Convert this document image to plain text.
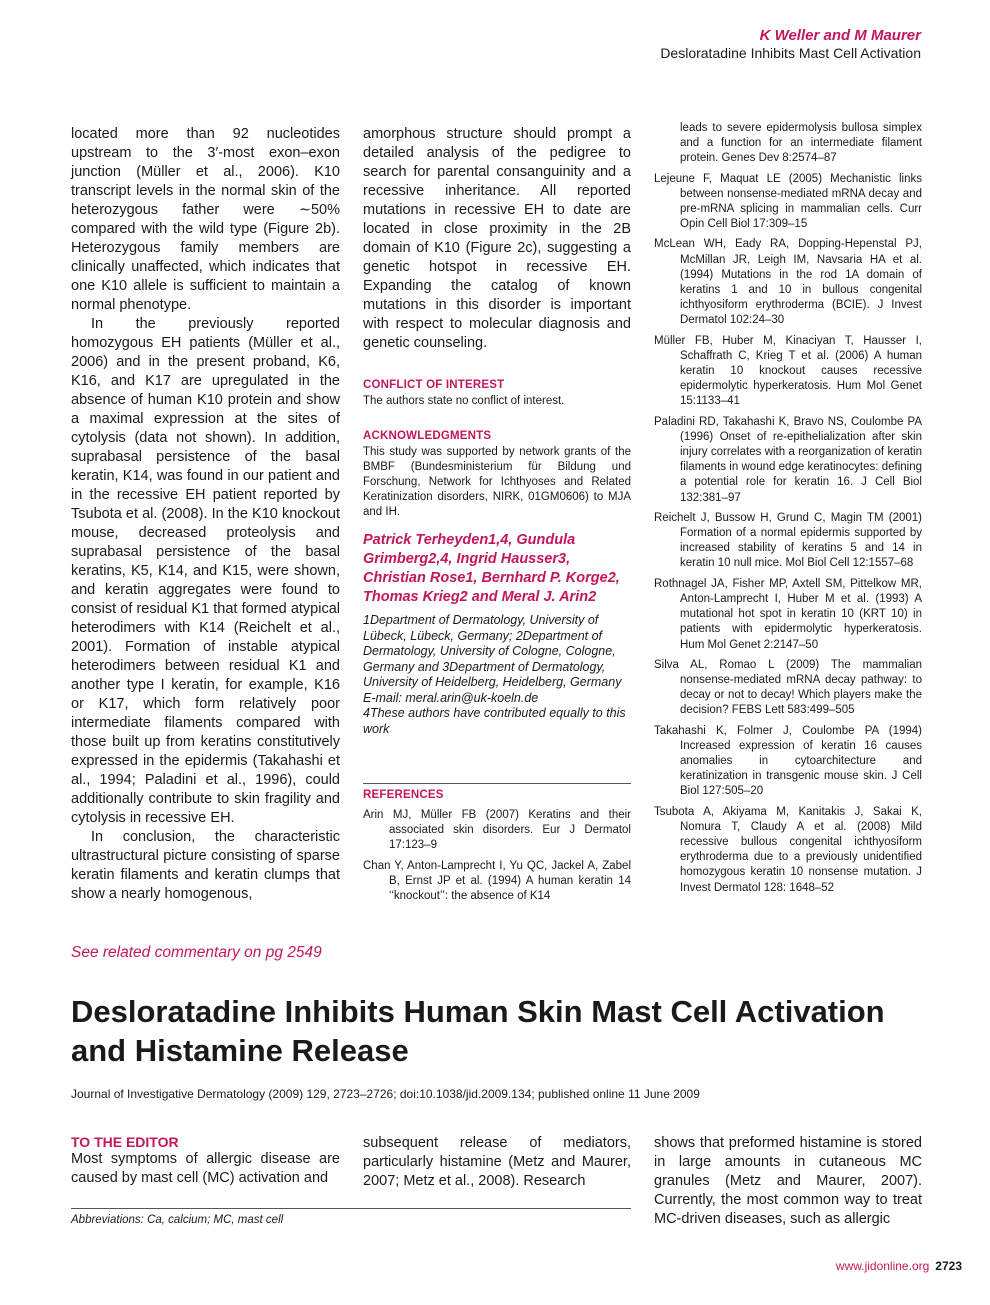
K Weller and M Maurer
Desloratadine Inhibits Mast Cell Activation

located more than 92 nucleotides upstream to the 3′-most exon–exon junction (Müller et al., 2006). K10 transcript levels in the normal skin of the heterozygous father were ∼50% compared with the wild type (Figure 2b). Heterozygous family members are clinically unaffected, which indicates that one K10 allele is sufficient to maintain a normal phenotype.

In the previously reported homozygous EH patients (Müller et al., 2006) and in the present proband, K6, K16, and K17 are upregulated in the absence of human K10 protein and show a maximal expression at the sites of cytolysis (data not shown). In addition, suprabasal persistence of the basal keratin, K14, was found in our patient and in the recessive EH patient reported by Tsubota et al. (2008). In the K10 knockout mouse, decreased proteolysis and suprabasal persistence of the basal keratins, K5, K14, and K15, were shown, and keratin aggregates were found to consist of residual K1 that formed atypical heterodimers with K14 (Reichelt et al., 2001). Formation of instable atypical heterodimers between residual K1 and another type I keratin, for example, K16 or K17, which form relatively poor intermediate filaments compared with those built up from keratins constitutively expressed in the epidermis (Takahashi et al., 1994; Paladini et al., 1996), could additionally contribute to skin fragility and cytolysis in recessive EH.

In conclusion, the characteristic ultrastructural picture consisting of sparse keratin filaments and keratin clumps that show a nearly homogenous,

amorphous structure should prompt a detailed analysis of the pedigree to search for parental consanguinity and a recessive inheritance. All reported mutations in recessive EH to date are located in close proximity in the 2B domain of K10 (Figure 2c), suggesting a genetic hotspot in recessive EH. Expanding the catalog of known mutations in this disorder is important with respect to molecular diagnosis and genetic counseling.

CONFLICT OF INTEREST

The authors state no conflict of interest.

ACKNOWLEDGMENTS

This study was supported by network grants of the BMBF (Bundesministerium für Bildung und Forschung, Network for Ichthyoses and Related Keratinization disorders, NIRK, 01GM0606) to MJA and IH.
Patrick Terheyden1,4, Gundula Grimberg2,4, Ingrid Hausser3, Christian Rose1, Bernhard P. Korge2, Thomas Krieg2 and Meral J. Arin2
1Department of Dermatology, University of Lübeck, Lübeck, Germany; 2Department of Dermatology, University of Cologne, Cologne, Germany and 3Department of Dermatology, University of Heidelberg, Heidelberg, Germany
E-mail: meral.arin@uk-koeln.de
4These authors have contributed equally to this work

REFERENCES

Arin MJ, Müller FB (2007) Keratins and their associated skin disorders. Eur J Dermatol 17:123–9

Chan Y, Anton-Lamprecht I, Yu QC, Jackel A, Zabel B, Ernst JP et al. (1994) A human keratin 14 ‘‘knockout’’: the absence of K14

leads to severe epidermolysis bullosa simplex and a function for an intermediate filament protein. Genes Dev 8:2574–87

Lejeune F, Maquat LE (2005) Mechanistic links between nonsense-mediated mRNA decay and pre-mRNA splicing in mammalian cells. Curr Opin Cell Biol 17:309–15

McLean WH, Eady RA, Dopping-Hepenstal PJ, McMillan JR, Leigh IM, Navsaria HA et al. (1994) Mutations in the rod 1A domain of keratins 1 and 10 in bullous congenital ichthyosiform erythroderma (BCIE). J Invest Dermatol 102:24–30

Müller FB, Huber M, Kinaciyan T, Hausser I, Schaffrath C, Krieg T et al. (2006) A human keratin 10 knockout causes recessive epidermolytic hyperkeratosis. Hum Mol Genet 15:1133–41

Paladini RD, Takahashi K, Bravo NS, Coulombe PA (1996) Onset of re-epithelialization after skin injury correlates with a reorganization of keratin filaments in wound edge keratinocytes: defining a potential role for keratin 16. J Cell Biol 132:381–97

Reichelt J, Bussow H, Grund C, Magin TM (2001) Formation of a normal epidermis supported by increased stability of keratins 5 and 14 in keratin 10 null mice. Mol Biol Cell 12:1557–68

Rothnagel JA, Fisher MP, Axtell SM, Pittelkow MR, Anton-Lamprecht I, Huber M et al. (1993) A mutational hot spot in keratin 10 (KRT 10) in patients with epidermolytic hyperkeratosis. Hum Mol Genet 2:2147–50

Silva AL, Romao L (2009) The mammalian nonsense-mediated mRNA decay pathway: to decay or not to decay! Which players make the decision? FEBS Lett 583:499–505

Takahashi K, Folmer J, Coulombe PA (1994) Increased expression of keratin 16 causes anomalies in cytoarchitecture and keratinization in transgenic mouse skin. J Cell Biol 127:505–20

Tsubota A, Akiyama M, Kanitakis J, Sakai K, Nomura T, Claudy A et al. (2008) Mild recessive bullous congenital ichthyosiform erythroderma due to a previously unidentified homozygous keratin 10 nonsense mutation. J Invest Dermatol 128: 1648–52

See related commentary on pg 2549
Desloratadine Inhibits Human Skin Mast Cell Activation and Histamine Release
Journal of Investigative Dermatology (2009) 129, 2723–2726; doi:10.1038/jid.2009.134; published online 11 June 2009

TO THE EDITOR

Most symptoms of allergic disease are caused by mast cell (MC) activation and
subsequent release of mediators, particularly histamine (Metz and Maurer, 2007; Metz et al., 2008). Research
shows that preformed histamine is stored in large amounts in cutaneous MC granules (Metz and Maurer, 2007). Currently, the most common way to treat MC-driven diseases, such as allergic
Abbreviations: Ca, calcium; MC, mast cell
www.jidonline.org 2723
